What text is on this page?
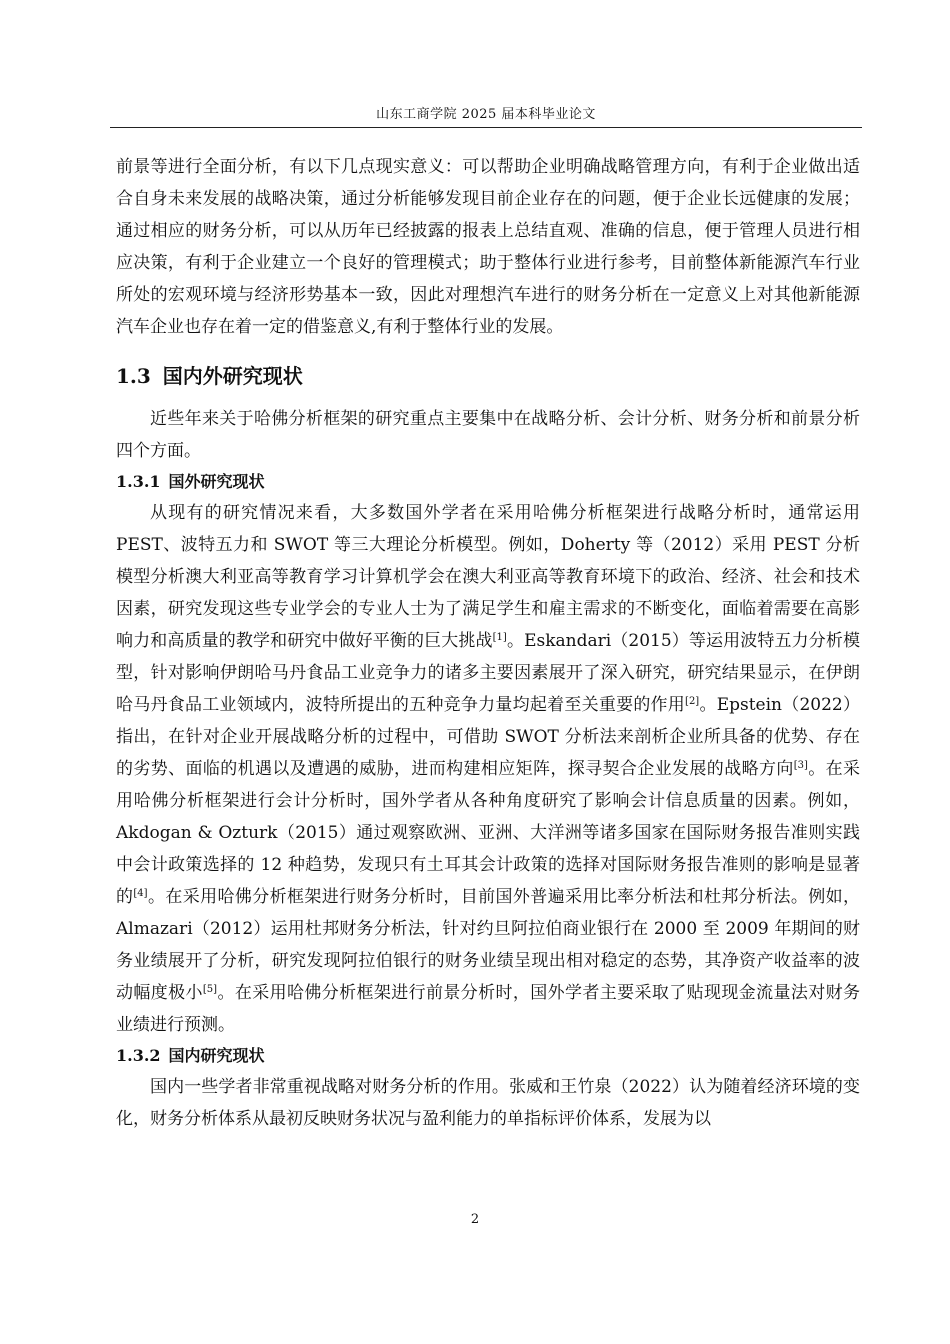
山东工商学院 2025 届本科毕业论文

前景等进行全面分析，有以下几点现实意义：可以帮助企业明确战略管理方向，有利于企业做出适合自身未来发展的战略决策，通过分析能够发现目前企业存在的问题，便于企业长远健康的发展；通过相应的财务分析，可以从历年已经披露的报表上总结直观、准确的信息，便于管理人员进行相应决策，有利于企业建立一个良好的管理模式；助于整体行业进行参考，目前整体新能源汽车行业所处的宏观环境与经济形势基本一致，因此对理想汽车进行的财务分析在一定意义上对其他新能源汽车企业也存在着一定的借鉴意义,有利于整体行业的发展。

1.3 国内外研究现状

近些年来关于哈佛分析框架的研究重点主要集中在战略分析、会计分析、财务分析和前景分析四个方面。

1.3.1 国外研究现状

从现有的研究情况来看，大多数国外学者在采用哈佛分析框架进行战略分析时，通常运用 PEST、波特五力和 SWOT 等三大理论分析模型。例如，Doherty 等（2012）采用 PEST 分析模型分析澳大利亚高等教育学习计算机学会在澳大利亚高等教育环境下的政治、经济、社会和技术因素，研究发现这些专业学会的专业人士为了满足学生和雇主需求的不断变化，面临着需要在高影响力和高质量的教学和研究中做好平衡的巨大挑战[1]。Eskandari（2015）等运用波特五力分析模型，针对影响伊朗哈马丹食品工业竞争力的诸多主要因素展开了深入研究，研究结果显示，在伊朗哈马丹食品工业领域内，波特所提出的五种竞争力量均起着至关重要的作用[2]。Epstein（2022）指出，在针对企业开展战略分析的过程中，可借助 SWOT 分析法来剖析企业所具备的优势、存在的劣势、面临的机遇以及遭遇的威胁，进而构建相应矩阵，探寻契合企业发展的战略方向[3]。在采用哈佛分析框架进行会计分析时，国外学者从各种角度研究了影响会计信息质量的因素。例如，Akdogan & Ozturk（2015）通过观察欧洲、亚洲、大洋洲等诸多国家在国际财务报告准则实践中会计政策选择的 12 种趋势，发现只有土耳其会计政策的选择对国际财务报告准则的影响是显著的[4]。在采用哈佛分析框架进行财务分析时，目前国外普遍采用比率分析法和杜邦分析法。例如，Almazari（2012）运用杜邦财务分析法，针对约旦阿拉伯商业银行在 2000 至 2009 年期间的财务业绩展开了分析，研究发现阿拉伯银行的财务业绩呈现出相对稳定的态势，其净资产收益率的波动幅度极小[5]。在采用哈佛分析框架进行前景分析时，国外学者主要采取了贴现现金流量法对财务业绩进行预测。

1.3.2 国内研究现状

国内一些学者非常重视战略对财务分析的作用。张威和王竹泉（2022）认为随着经济环境的变化，财务分析体系从最初反映财务状况与盈利能力的单指标评价体系，发展为以

2
